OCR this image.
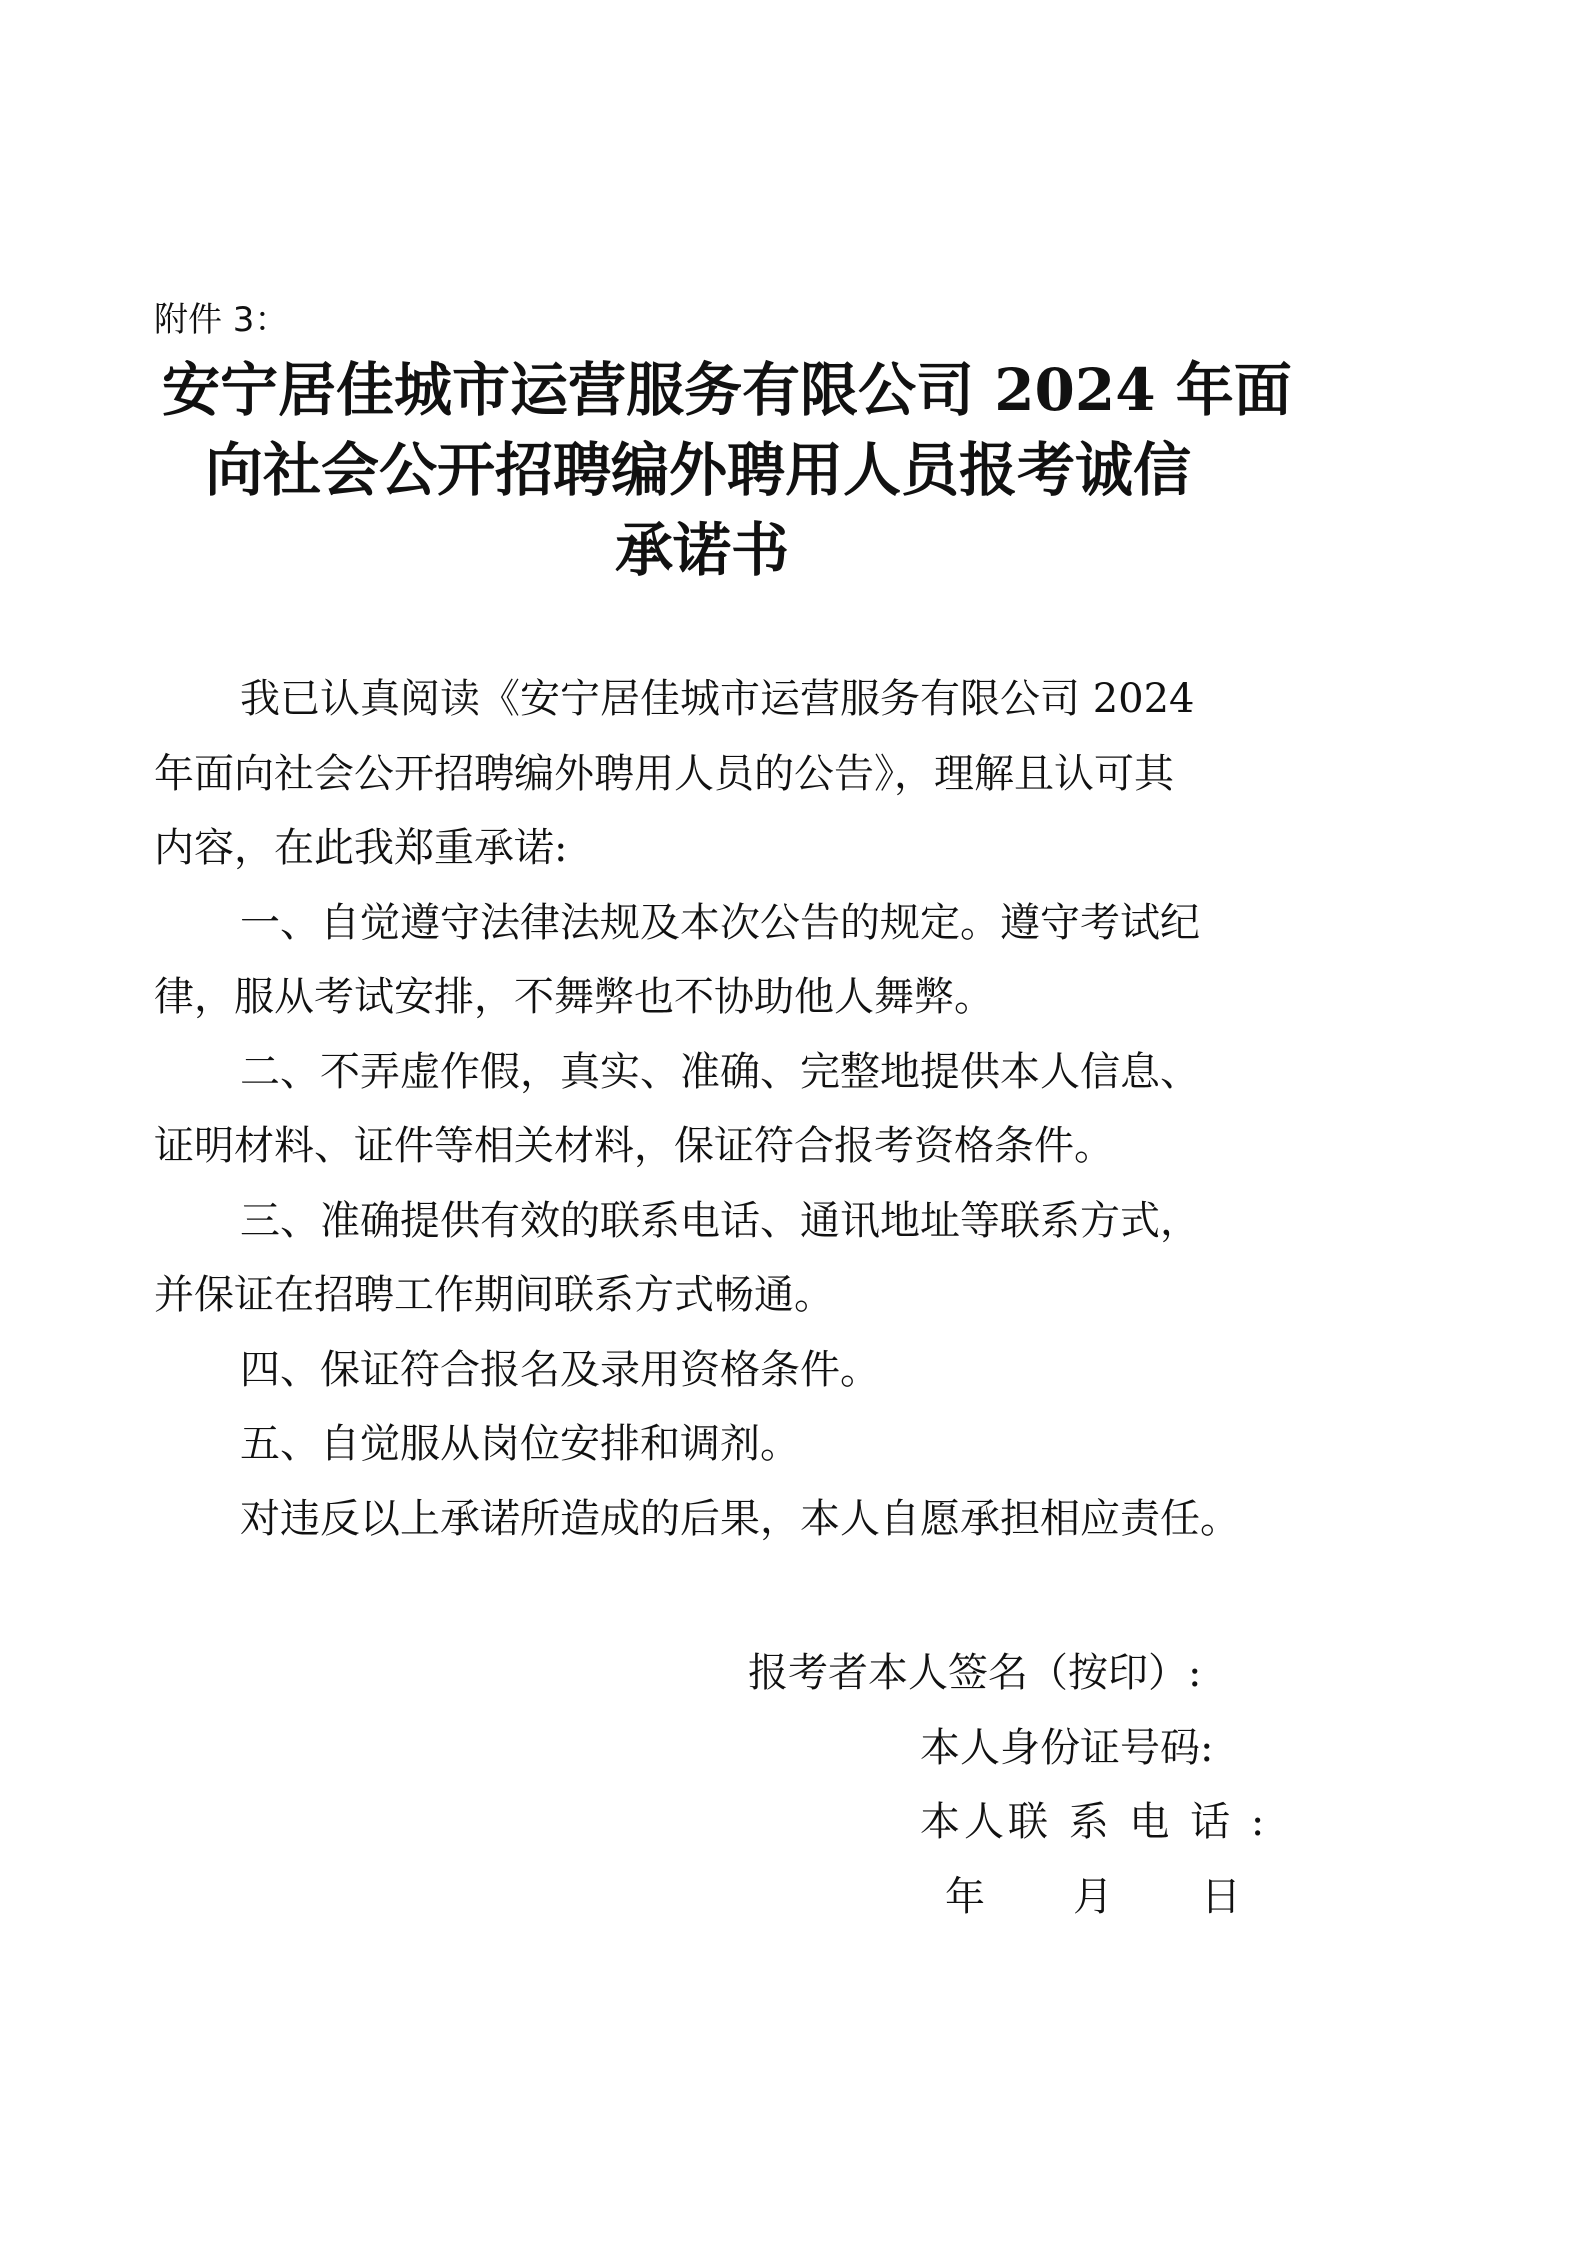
附件 3：
安宁居佳城市运营服务有限公司 2024 年面
向社会公开招聘编外聘用人员报考诚信
承诺书
我已认真阅读《安宁居佳城市运营服务有限公司 2024
年面向社会公开招聘编外聘用人员的公告》，理解且认可其
内容，在此我郑重承诺:
一、自觉遵守法律法规及本次公告的规定。遵守考试纪
律，服从考试安排，不舞弊也不协助他人舞弊。
二、不弄虚作假，真实、准确、完整地提供本人信息、
证明材料、证件等相关材料，保证符合报考资格条件。
三、准确提供有效的联系电话、通讯地址等联系方式，
并保证在招聘工作期间联系方式畅通。
四、保证符合报名及录用资格条件。
五、自觉服从岗位安排和调剂。
对违反以上承诺所造成的后果，本人自愿承担相应责任。
报考者本人签名（按印）:
本人身份证号码:
本人联 系 电 话 :
年 月 日
